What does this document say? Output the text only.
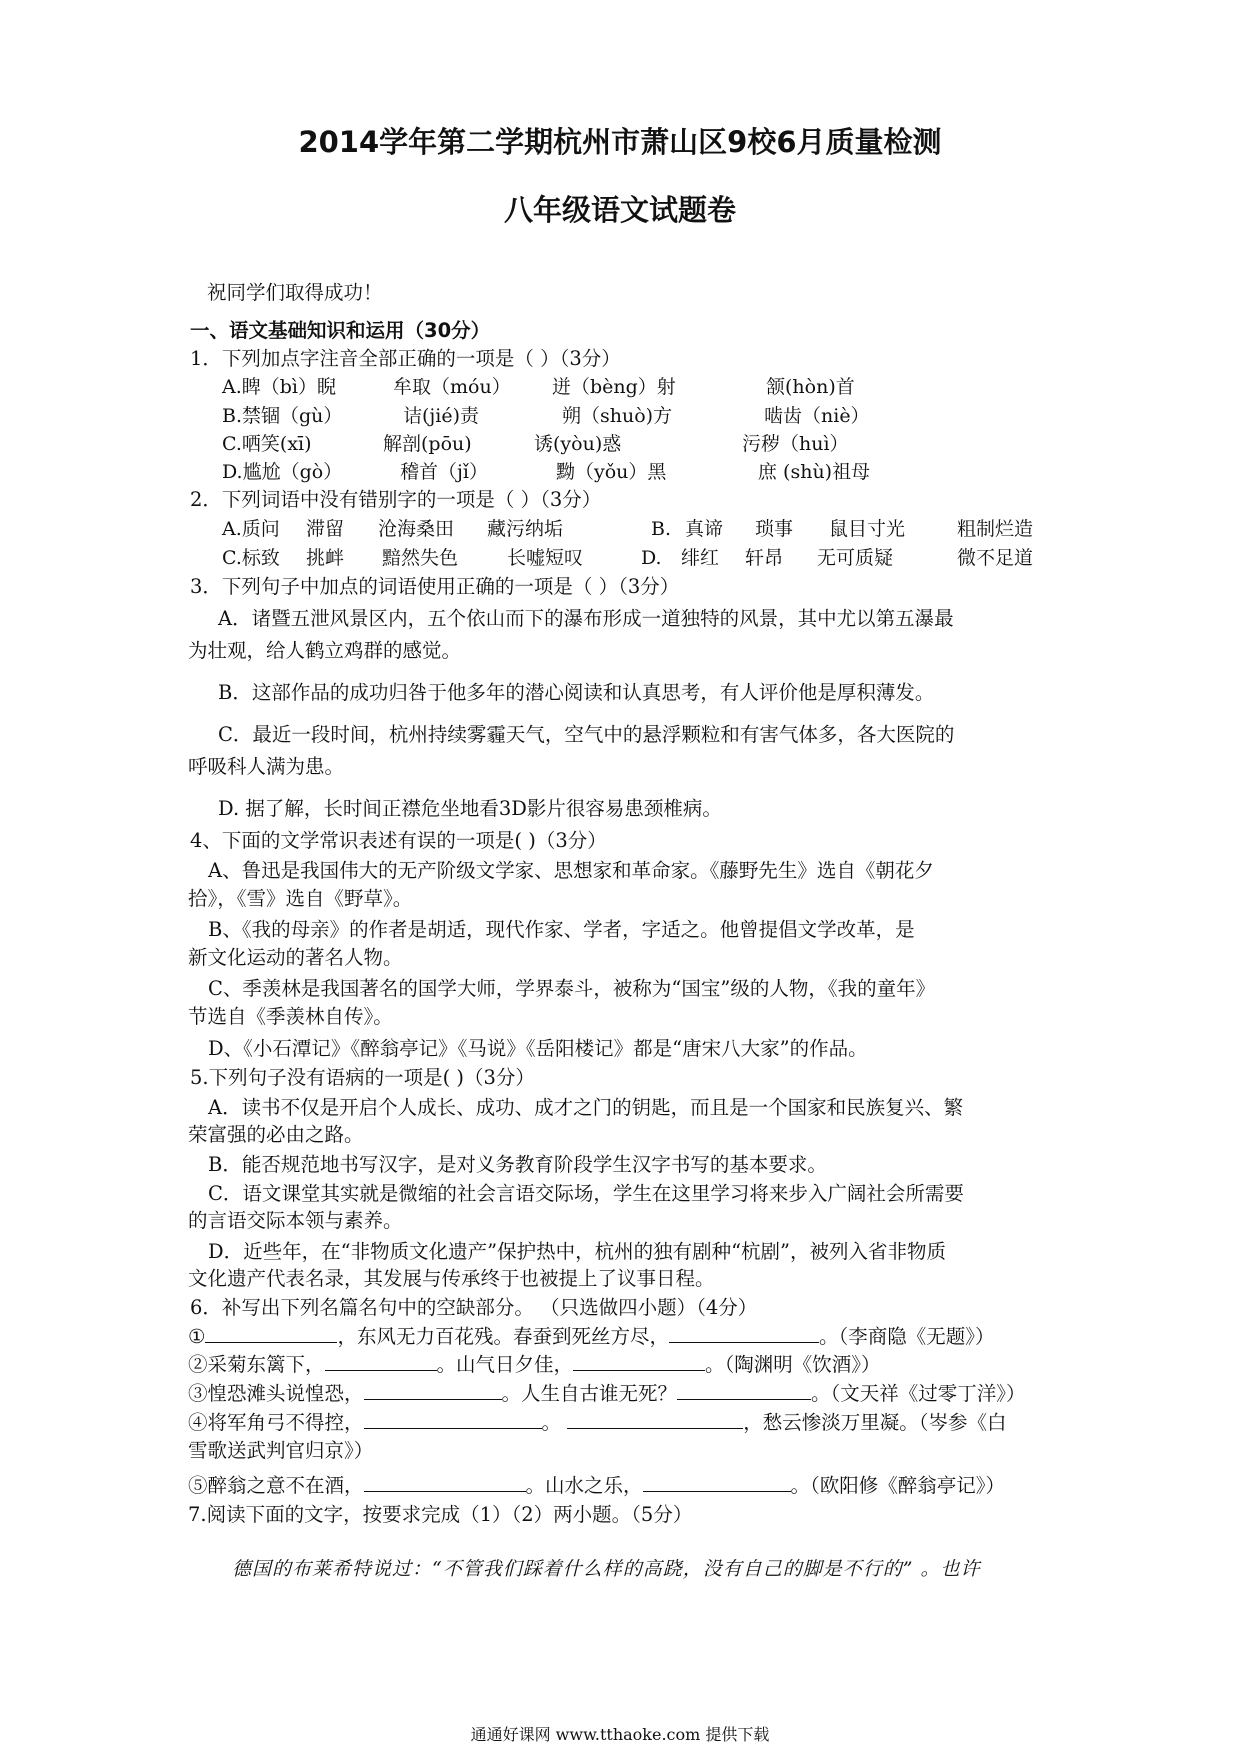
2014学年第二学期杭州市萧山区9校6月质量检测
八年级语文试题卷
祝同学们取得成功！
一、语文基础知识和运用（30分）
1．下列加点字注音全部正确的一项是（ ）（3分）
A.睥（bì）睨	牟取（móu） 迸（bèng）射	颔(hòn)首
B.禁锢（gù）	诘(jié)责	朔（shuò)方	啮齿（niè）
C.哂笑(xī)	解剖(pōu)	诱(yòu)惑	污秽（huì）
D.尴尬（gò）	稽首（jǐ）	黝（yǒu）黑	庶 (shù)祖母
2．下列词语中没有错别字的一项是（ ）（3分）
A.质问 滞留 沧海桑田 藏污纳垢	B. 真谛 琐事 鼠目寸光	粗制烂造
C.标致 挑衅 黯然失色	长嘘短叹	D. 绯红 轩昂 无可质疑	微不足道
3．下列句子中加点的词语使用正确的一项是（ ）（3分）
A．诸暨五泄风景区内，五个依山而下的瀑布形成一道独特的风景，其中尤以第五瀑最
为壮观，给人鹤立鸡群的感觉。
B．这部作品的成功归咎于他多年的潜心阅读和认真思考，有人评价他是厚积薄发。
C．最近一段时间，杭州持续雾霾天气，空气中的悬浮颗粒和有害气体多，各大医院的
呼吸科人满为患。
D. 据了解，长时间正襟危坐地看3D影片很容易患颈椎病。
4、下面的文学常识表述有误的一项是( )（3分）
A、鲁迅是我国伟大的无产阶级文学家、思想家和革命家。《藤野先生》选自《朝花夕
拾》，《雪》选自《野草》。
B、《我的母亲》的作者是胡适，现代作家、学者，字适之。他曾提倡文学改革，是
新文化运动的著名人物。
C、季羡林是我国著名的国学大师，学界泰斗，被称为“国宝”级的人物，《我的童年》
节选自《季羡林自传》。
D、《小石潭记》《醉翁亭记》《马说》《岳阳楼记》都是“唐宋八大家”的作品。
5.下列句子没有语病的一项是( )（3分）
A．读书不仅是开启个人成长、成功、成才之门的钥匙，而且是一个国家和民族复兴、繁
荣富强的必由之路。
B．能否规范地书写汉字，是对义务教育阶段学生汉字书写的基本要求。
C．语文课堂其实就是微缩的社会言语交际场，学生在这里学习将来步入广阔社会所需要
的言语交际本领与素养。
D．近些年，在“非物质文化遗产”保护热中，杭州的独有剧种“杭剧”，被列入省非物质
文化遗产代表名录，其发展与传承终于也被提上了议事日程。
6．补写出下列名篇名句中的空缺部分。 （只选做四小题）（4分）
①	，东风无力百花残。春蚕到死丝方尽，	。（李商隐《无题》）
②采菊东篱下，	。山气日夕佳，	。（陶渊明《饮酒》）
③惶恐滩头说惶恐，	。人生自古谁无死？	。（文天祥《过零丁洋》）
④将军角弓不得控，	。	，愁云惨淡万里凝。（岑参《白
雪歌送武判官归京》）
⑤醉翁之意不在酒，	。山水之乐，	。（欧阳修《醉翁亭记》）
7.阅读下面的文字，按要求完成（1）（2）两小题。（5分）
德国的布莱希特说过：“不管我们踩着什么样的高跷，没有自己的脚是不行的” 。也许
通通好课网 www.tthaoke.com 提供下载
